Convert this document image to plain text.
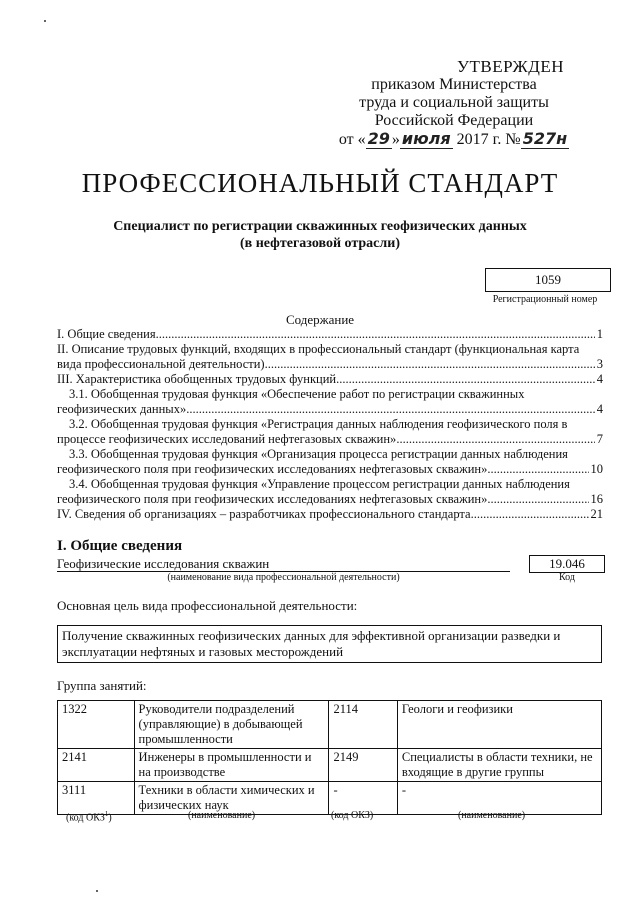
УТВЕРЖДЕН
приказом Министерства
труда и социальной защиты
Российской Федерации
от « 29 » июля 2017 г. № 527н
ПРОФЕССИОНАЛЬНЫЙ СТАНДАРТ
Специалист по регистрации скважинных геофизических данных
(в нефтегазовой отрасли)
1059
Регистрационный номер
Содержание
I. Общие сведения .....	1
II. Описание трудовых функций, входящих в профессиональный стандарт (функциональная карта
вида профессиональной деятельности) .....	3
III. Характеристика обобщенных трудовых функций .....	4
3.1. Обобщенная трудовая функция «Обеспечение работ по регистрации скважинных
геофизических данных» .....	4
3.2. Обобщенная трудовая функция «Регистрация данных наблюдения геофизического поля в
процессе геофизических исследований нефтегазовых скважин» .....	7
3.3. Обобщенная трудовая функция «Организация процесса регистрации данных наблюдения
геофизического поля при геофизических исследованиях нефтегазовых скважин» .....	10
3.4. Обобщенная трудовая функция «Управление процессом регистрации данных наблюдения
геофизического поля при геофизических исследованиях нефтегазовых скважин» .....	16
IV. Сведения об организациях – разработчиках профессионального стандарта .....	21
I. Общие сведения
Геофизические исследования скважин
(наименование вида профессиональной деятельности)
19.046
Код
Основная цель вида профессиональной деятельности:
Получение скважинных геофизических данных для эффективной организации разведки и
эксплуатации нефтяных и газовых месторождений
Группа занятий:
1322	Руководители подразделений (управляющие) в добывающей промышленности	2114	Геологи и геофизики
2141	Инженеры в промышленности и на производстве	2149	Специалисты в области техники, не входящие в другие группы
3111	Техники в области химических и физических наук	-	-
(код ОКЗ$^1$)	(наименование)	(код ОКЗ)	(наименование)
